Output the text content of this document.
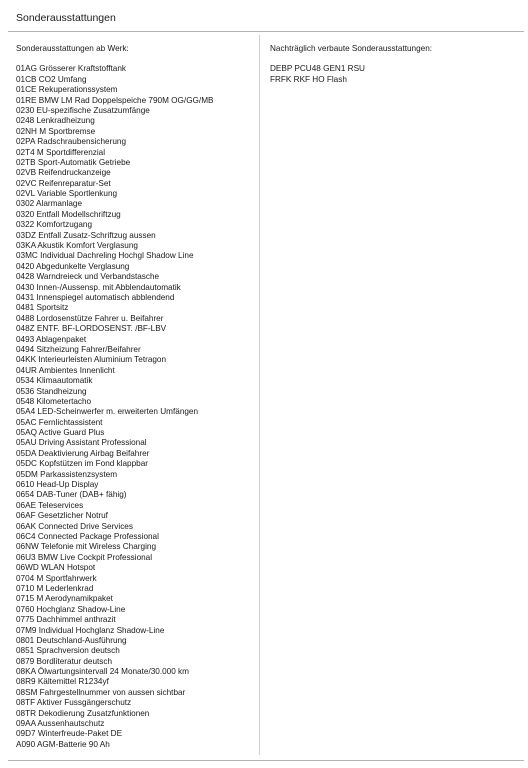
Sonderausstattungen
Sonderausstattungen ab Werk:
01AG Grösserer Kraftstofftank
01CB CO2 Umfang
01CE Rekuperationssystem
01RE BMW LM Rad Doppelspeiche 790M OG/GG/MB
0230 EU-spezifische Zusatzumfänge
0248 Lenkradheizung
02NH M Sportbremse
02PA Radschraubensicherung
02T4 M Sportdifferenzial
02TB Sport-Automatik Getriebe
02VB Reifendruckanzeige
02VC Reifenreparatur-Set
02VL Variable Sportlenkung
0302 Alarmanlage
0320 Entfall Modellschriftzug
0322 Komfortzugang
03DZ Entfall Zusatz-Schriftzug aussen
03KA Akustik Komfort Verglasung
03MC Individual Dachreling Hochgl Shadow Line
0420 Abgedunkelte Verglasung
0428 Warndreieck und Verbandstasche
0430 Innen-/Aussensp. mit Abblendautomatik
0431 Innenspiegel automatisch abblendend
0481 Sportsitz
0488 Lordosenstütze Fahrer u. Beifahrer
048Z ENTF. BF-LORDOSENST. /BF-LBV
0493 Ablagenpaket
0494 Sitzheizung Fahrer/Beifahrer
04KK Interieurleisten Aluminium Tetragon
04UR Ambientes Innenlicht
0534 Klimaautomatik
0536 Standheizung
0548 Kilometertacho
05A4 LED-Scheinwerfer m. erweiterten Umfängen
05AC Fernlichtassistent
05AQ Active Guard Plus
05AU Driving Assistant Professional
05DA Deaktivierung Airbag Beifahrer
05DC Kopfstützen im Fond klappbar
05DM Parkassistenzsystem
0610 Head-Up Display
0654 DAB-Tuner (DAB+ fähig)
06AE Teleservices
06AF Gesetzlicher Notruf
06AK Connected Drive Services
06C4 Connected Package Professional
06NW Telefonie mit Wireless Charging
06U3 BMW Live Cockpit Professional
06WD WLAN Hotspot
0704 M Sportfahrwerk
0710 M Lederlenkrad
0715 M Aerodynamikpaket
0760 Hochglanz Shadow-Line
0775 Dachhimmel anthrazit
07M9 Individual Hochglanz Shadow-Line
0801 Deutschland-Ausführung
0851 Sprachversion deutsch
0879 Bordliteratur deutsch
08KA Ölwartungsintervall 24 Monate/30.000 km
08R9 Kältemittel R1234yf
08SM Fahrgestellnummer von aussen sichtbar
08TF Aktiver Fussgängerschutz
08TR Dekodierung Zusatzfunktionen
09AA Aussenhautschutz
09D7 Winterfreude-Paket DE
A090 AGM-Batterie 90 Ah
Nachträglich verbaute Sonderausstattungen:
DEBP PCU48 GEN1 RSU
FRFK RKF HO Flash
